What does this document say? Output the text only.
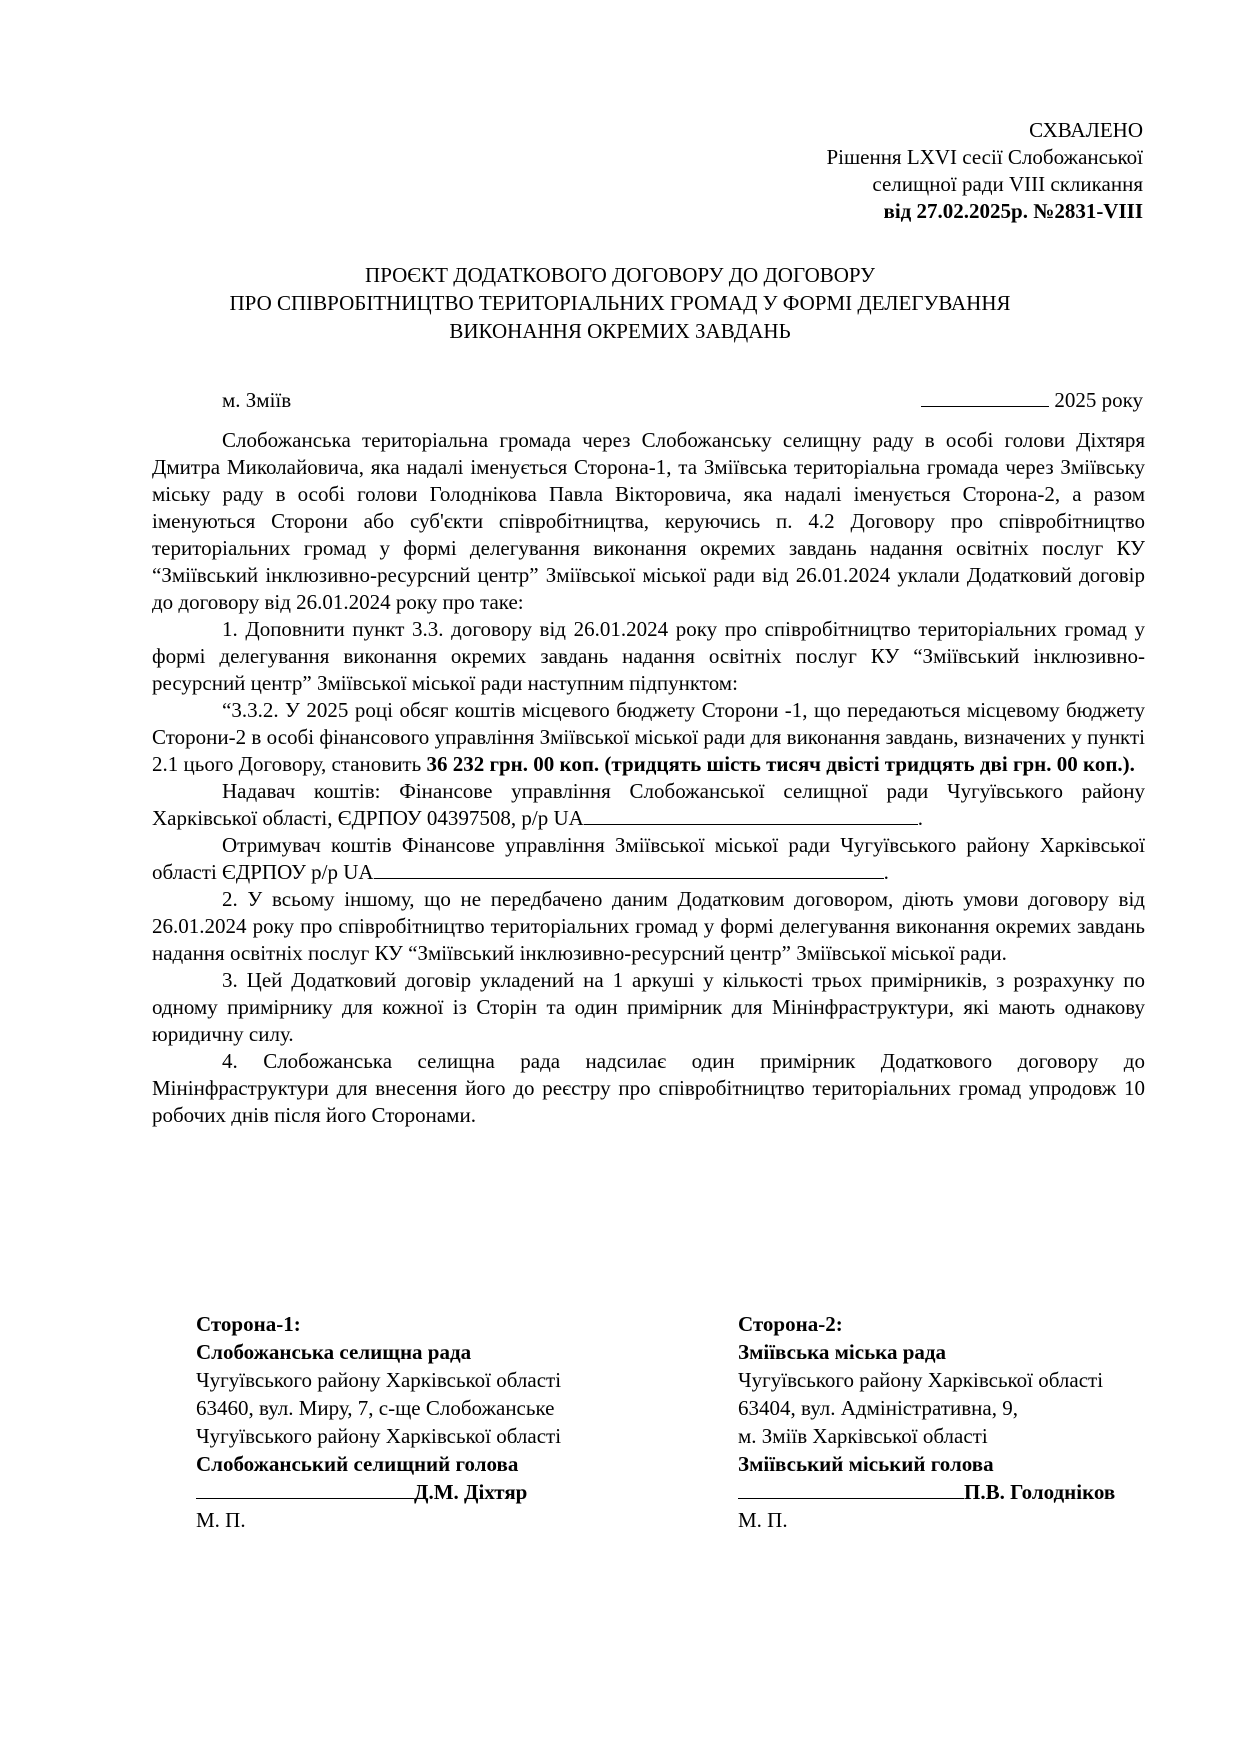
СХВАЛЕНО
Рішення LXVI сесії Слобожанської
селищної ради VIII скликання
від 27.02.2025р. №2831-VIII
ПРОЄКТ ДОДАТКОВОГО ДОГОВОРУ ДО ДОГОВОРУ
ПРО СПІВРОБІТНИЦТВО ТЕРИТОРІАЛЬНИХ ГРОМАД У ФОРМІ ДЕЛЕГУВАННЯ
ВИКОНАННЯ ОКРЕМИХ ЗАВДАНЬ
м. Зміїв	2025 року

Слобожанська територіальна громада через Слобожанську селищну раду в особі голови Діхтяря Дмитра Миколайовича, яка надалі іменується Сторона-1, та Зміївська територіальна громада через Зміївську міську раду в особі голови Голоднікова Павла Вікторовича, яка надалі іменується Сторона-2, а разом іменуються Сторони або суб'єкти співробітництва, керуючись п. 4.2 Договору про співробітництво територіальних громад у формі делегування виконання окремих завдань надання освітніх послуг КУ “Зміївський інклюзивно-ресурсний центр” Зміївської міської ради від 26.01.2024 уклали Додатковий договір до договору від 26.01.2024 року про таке:

1. Доповнити пункт 3.3. договору від 26.01.2024 року про співробітництво територіальних громад у формі делегування виконання окремих завдань надання освітніх послуг КУ “Зміївський інклюзивно-ресурсний центр” Зміївської міської ради наступним підпунктом:

“3.3.2. У 2025 році обсяг коштів місцевого бюджету Сторони -1, що передаються місцевому бюджету Сторони-2 в особі фінансового управління Зміївської міської ради для виконання завдань, визначених у пункті 2.1 цього Договору, становить 36 232 грн. 00 коп. (тридцять шість тисяч двісті тридцять дві грн. 00 коп.).

Надавач коштів: Фінансове управління Слобожанської селищної ради Чугуївського району Харківської області, ЄДРПОУ 04397508, р/р UA	.

Отримувач коштів Фінансове управління Зміївської міської ради Чугуївського району Харківської області ЄДРПОУ р/р UA	.

2. У всьому іншому, що не передбачено даним Додатковим договором, діють умови договору від 26.01.2024 року про співробітництво територіальних громад у формі делегування виконання окремих завдань надання освітніх послуг КУ “Зміївський інклюзивно-ресурсний центр” Зміївської міської ради.

3. Цей Додатковий договір укладений на 1 аркуші у кількості трьох примірників, з розрахунку по одному примірнику для кожної із Сторін та один примірник для Мінінфраструктури, які мають однакову юридичну силу.

4. Слобожанська селищна рада надсилає один примірник Додаткового договору до Мінінфраструктури для внесення його до реєстру про співробітництво територіальних громад упродовж 10 робочих днів після його Сторонами.

Сторона-1:
Слобожанська селищна рада
Чугуївського району Харківської області
63460, вул. Миру, 7, с-ще Слобожанське
Чугуївського району Харківської області
Слобожанський селищний голова
Д.М. Діхтяр
М. П.
Сторона-2:
Зміївська міська рада
Чугуївського району Харківської області
63404, вул. Адміністративна, 9,
м. Зміїв Харківської області
Зміївський міський голова
П.В. Голодніков
М. П.
